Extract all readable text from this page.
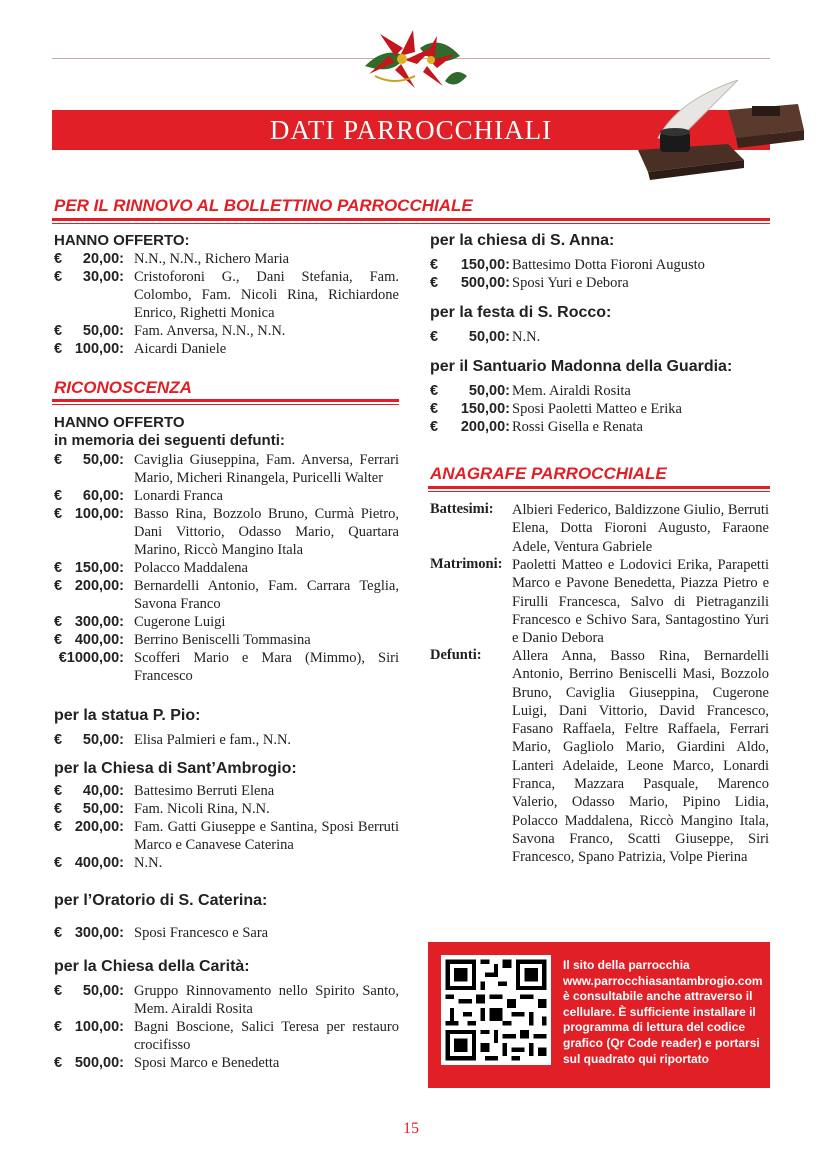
DATI PARROCCHIALI
PER IL RINNOVO AL BOLLETTINO PARROCCHIALE
HANNO OFFERTO:
RICONOSCENZA
HANNO OFFERTO
in memoria dei seguenti defunti:
per la statua P. Pio:
per la Chiesa di Sant’Ambrogio:
per l’Oratorio di S. Caterina:
per la Chiesa della Carità:
per la chiesa di S. Anna:
per la festa di S. Rocco:
per il Santuario Madonna della Guardia:
ANAGRAFE PARROCCHIALE
Battesimi: Albieri Federico, Baldizzone Giulio, Berruti Elena, Dotta Fioroni Augusto, Faraone Adele, Ventura Gabriele
Matrimoni: Paoletti Matteo e Lodovici Erika, Parapetti Marco e Pavone Benedetta, Piazza Pietro e Firulli Francesca, Salvo di Pietraganzili Francesco e Schivo Sara, Santagostino Yuri e Danio Debora
Defunti: Allera Anna, Basso Rina, Bernardelli Antonio, Berrino Beniscelli Masi, Bozzolo Bruno, Caviglia Giuseppina, Cugerone Luigi, Dani Vittorio, David Francesco, Fasano Raffaela, Feltre Raffaela, Ferrari Mario, Gagliolo Mario, Giardini Aldo, Lanteri Adelaide, Leone Marco, Lonardi Franca, Mazzara Pasquale, Marenco Valerio, Odasso Mario, Pipino Lidia, Polacco Maddalena, Riccò Mangino Itala, Savona Franco, Scatti Giuseppe, Siri Francesco, Spano Patrizia, Volpe Pierina
Il sito della parrocchia
www.parrocchiasantambrogio.com
è consultabile anche attraverso il cellulare. È sufficiente installare il programma di lettura del codice grafico (Qr Code reader) e portarsi sul quadrato qui riportato
15
€	20,00: N.N., N.N., Richero Maria
€	30,00: Cristoforoni G., Dani Stefania, Fam. Colombo, Fam. Nicoli Rina, Richiardone Enrico, Righetti Monica
€	50,00: Fam. Anversa, N.N., N.N.
€ 100,00: Aicardi Daniele
€	50,00: Caviglia Giuseppina, Fam. Anversa, Ferrari Mario, Micheri Rinangela, Puricelli Walter
€	60,00: Lonardi Franca
€ 100,00: Basso Rina, Bozzolo Bruno, Curmà Pietro, Dani Vittorio, Odasso Mario, Quartara Marino, Riccò Mangino Itala
€ 150,00: Polacco Maddalena
€ 200,00: Bernardelli Antonio, Fam. Carrara Teglia, Savona Franco
€ 300,00: Cugerone Luigi
€ 400,00: Berrino Beniscelli Tommasina
€1000,00: Scofferi Mario e Mara (Mimmo), Siri Francesco
€	50,00: Elisa Palmieri e fam., N.N.
€	40,00: Battesimo Berruti Elena
€	50,00: Fam. Nicoli Rina, N.N.
€ 200,00: Fam. Gatti Giuseppe e Santina, Sposi Berruti Marco e Canavese Caterina
€ 400,00: N.N.
€ 300,00: Sposi Francesco e Sara
€	50,00: Gruppo Rinnovamento nello Spirito Santo, Mem. Airaldi Rosita
€ 100,00: Bagni Boscione, Salici Teresa per restauro crocifisso
€ 500,00: Sposi Marco e Benedetta
€	150,00: Battesimo Dotta Fioroni Augusto
€	500,00: Sposi Yuri e Debora
€	50,00: N.N.
€	50,00: Mem. Airaldi Rosita
€	150,00: Sposi Paoletti Matteo e Erika
€	200,00: Rossi Gisella e Renata
